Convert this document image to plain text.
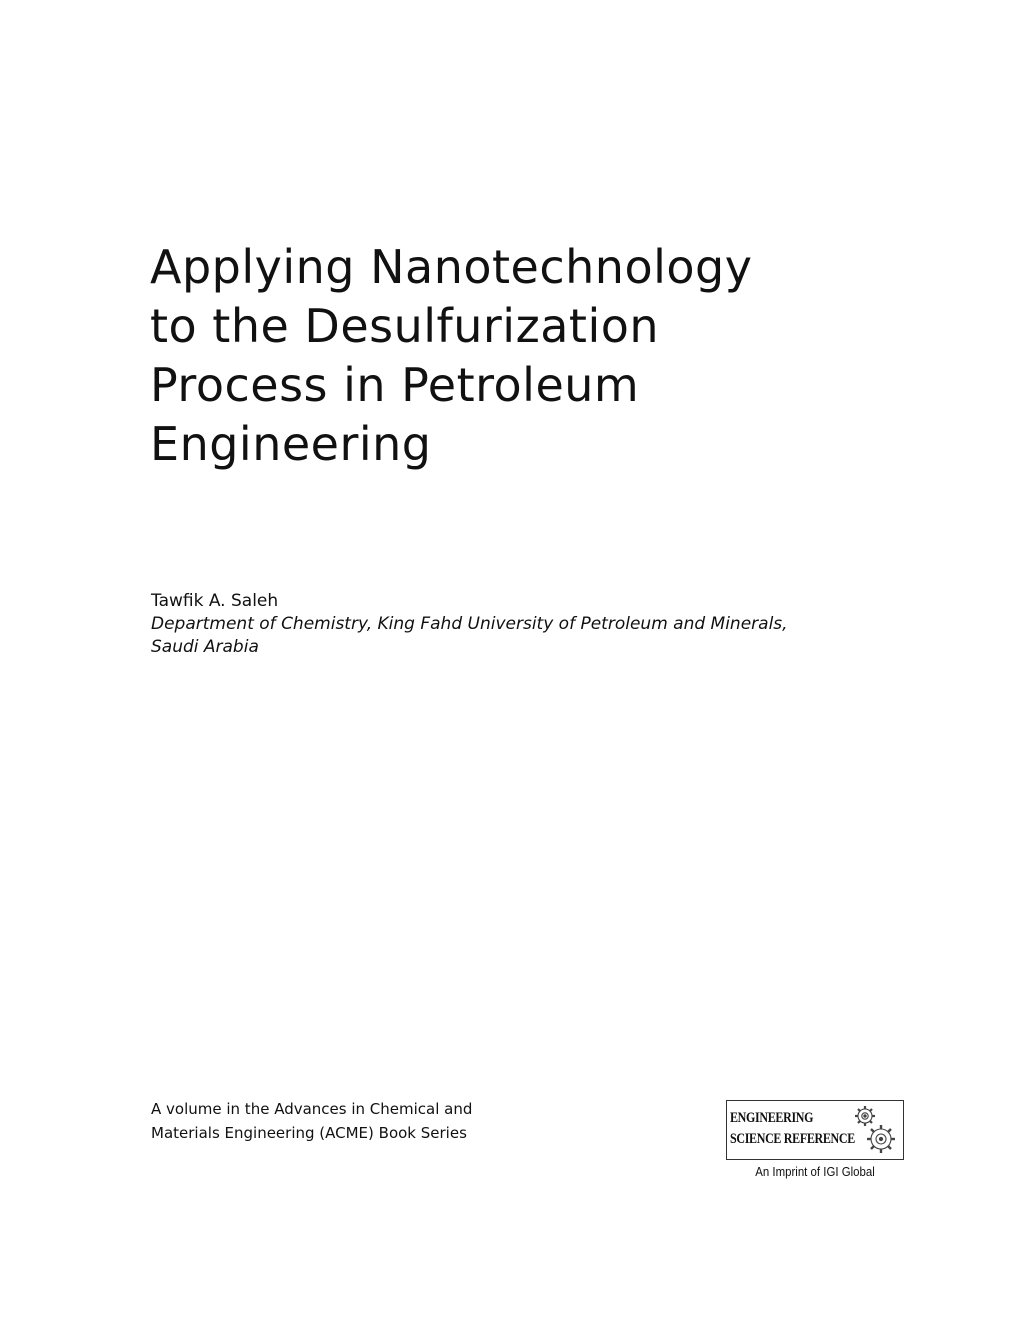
Applying Nanotechnology
to the Desulfurization
Process in Petroleum
Engineering
Tawfik A. Saleh
Department of Chemistry, King Fahd University of Petroleum and Minerals,
Saudi Arabia
A volume in the Advances in Chemical and
Materials Engineering (ACME) Book Series
ENGINEERING
SCIENCE REFERENCE
An Imprint of IGI Global
